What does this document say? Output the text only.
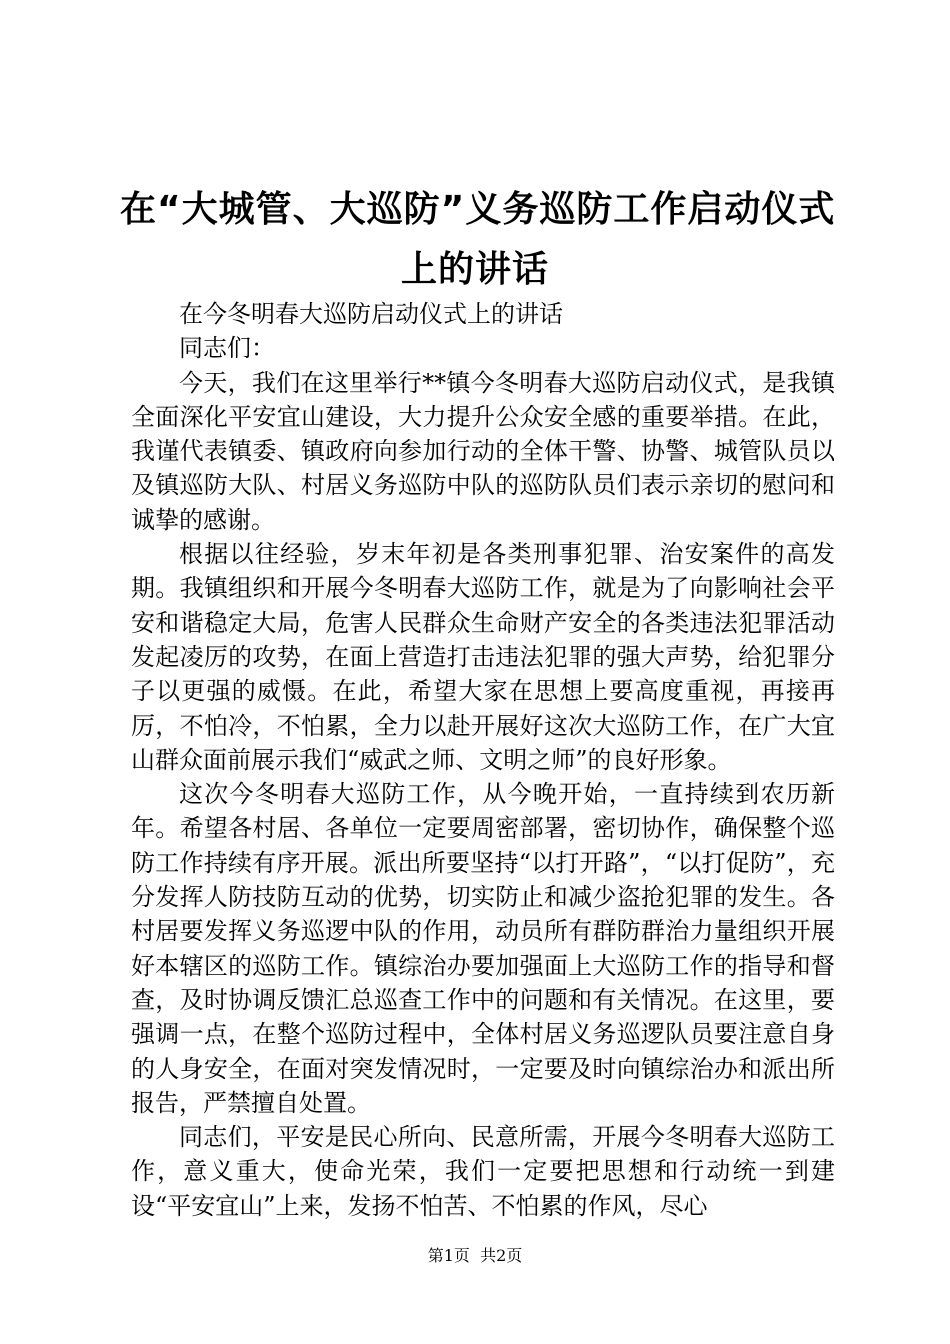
在“大城管、大巡防”义务巡防工作启动仪式
上的讲话

在今冬明春大巡防启动仪式上的讲话

同志们：

今天，我们在这里举行**镇今冬明春大巡防启动仪式，是我镇全面深化平安宜山建设，大力提升公众安全感的重要举措。在此，我谨代表镇委、镇政府向参加行动的全体干警、协警、城管队员以及镇巡防大队、村居义务巡防中队的巡防队员们表示亲切的慰问和诚挚的感谢。

根据以往经验，岁末年初是各类刑事犯罪、治安案件的高发期。我镇组织和开展今冬明春大巡防工作，就是为了向影响社会平安和谐稳定大局，危害人民群众生命财产安全的各类违法犯罪活动发起凌厉的攻势，在面上营造打击违法犯罪的强大声势，给犯罪分子以更强的威慑。在此，希望大家在思想上要高度重视，再接再厉，不怕冷，不怕累，全力以赴开展好这次大巡防工作，在广大宜山群众面前展示我们“威武之师、文明之师”的良好形象。

这次今冬明春大巡防工作，从今晚开始，一直持续到农历新年。希望各村居、各单位一定要周密部署，密切协作，确保整个巡防工作持续有序开展。派出所要坚持“以打开路”，“以打促防”，充分发挥人防技防互动的优势，切实防止和减少盗抢犯罪的发生。各村居要发挥义务巡逻中队的作用，动员所有群防群治力量组织开展好本辖区的巡防工作。镇综治办要加强面上大巡防工作的指导和督查，及时协调反馈汇总巡查工作中的问题和有关情况。在这里，要强调一点，在整个巡防过程中，全体村居义务巡逻队员要注意自身的人身安全，在面对突发情况时，一定要及时向镇综治办和派出所报告，严禁擅自处置。

同志们，平安是民心所向、民意所需，开展今冬明春大巡防工作，意义重大，使命光荣，我们一定要把思想和行动统一到建设“平安宜山”上来，发扬不怕苦、不怕累的作风，尽心

第1页  共2页
